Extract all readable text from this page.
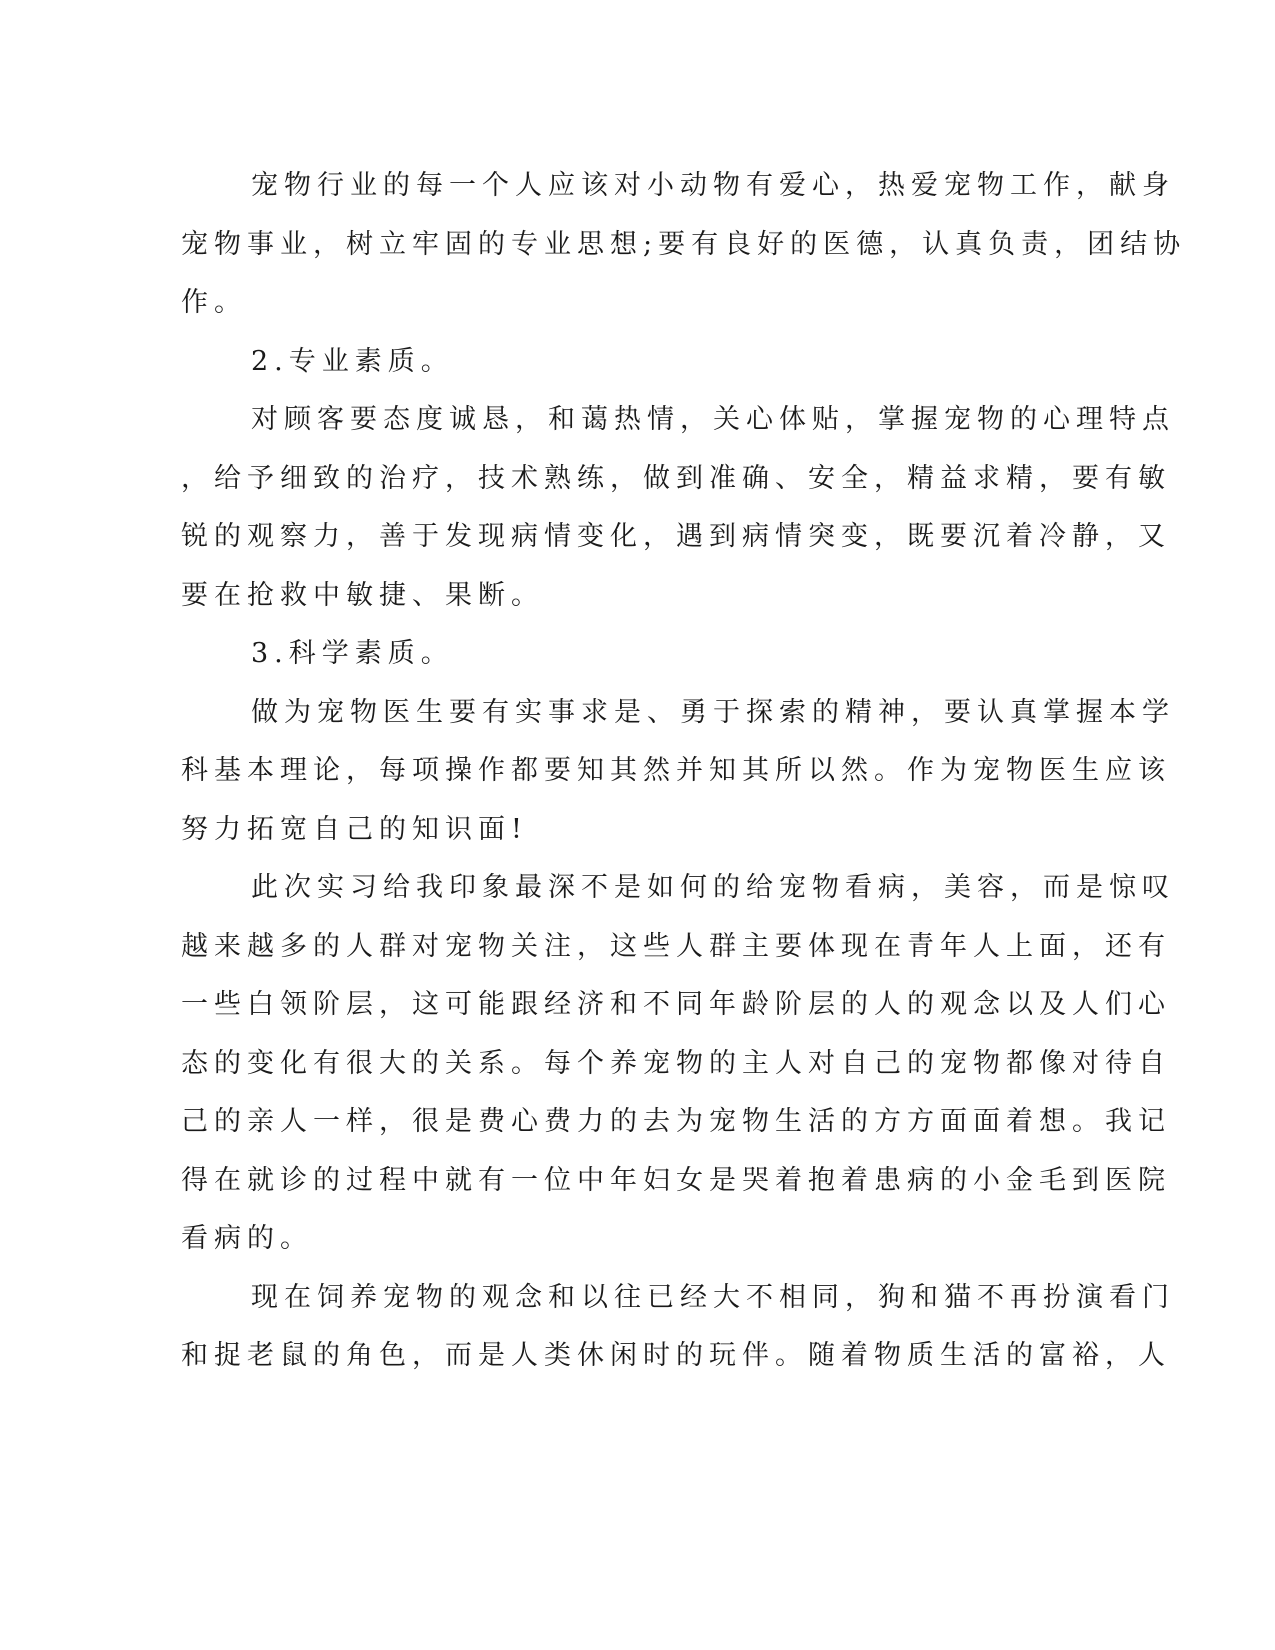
宠物行业的每一个人应该对小动物有爱心，热爱宠物工作，献身
宠物事业，树立牢固的专业思想;要有良好的医德，认真负责，团结协
作。
2.专业素质。
对顾客要态度诚恳，和蔼热情，关心体贴，掌握宠物的心理特点
，给予细致的治疗，技术熟练，做到准确、安全，精益求精，要有敏
锐的观察力，善于发现病情变化，遇到病情突变，既要沉着冷静，又
要在抢救中敏捷、果断。
3.科学素质。
做为宠物医生要有实事求是、勇于探索的精神，要认真掌握本学
科基本理论，每项操作都要知其然并知其所以然。作为宠物医生应该
努力拓宽自己的知识面!
此次实习给我印象最深不是如何的给宠物看病，美容，而是惊叹
越来越多的人群对宠物关注，这些人群主要体现在青年人上面，还有
一些白领阶层，这可能跟经济和不同年龄阶层的人的观念以及人们心
态的变化有很大的关系。每个养宠物的主人对自己的宠物都像对待自
己的亲人一样，很是费心费力的去为宠物生活的方方面面着想。我记
得在就诊的过程中就有一位中年妇女是哭着抱着患病的小金毛到医院
看病的。
现在饲养宠物的观念和以往已经大不相同，狗和猫不再扮演看门
和捉老鼠的角色，而是人类休闲时的玩伴。随着物质生活的富裕，人
